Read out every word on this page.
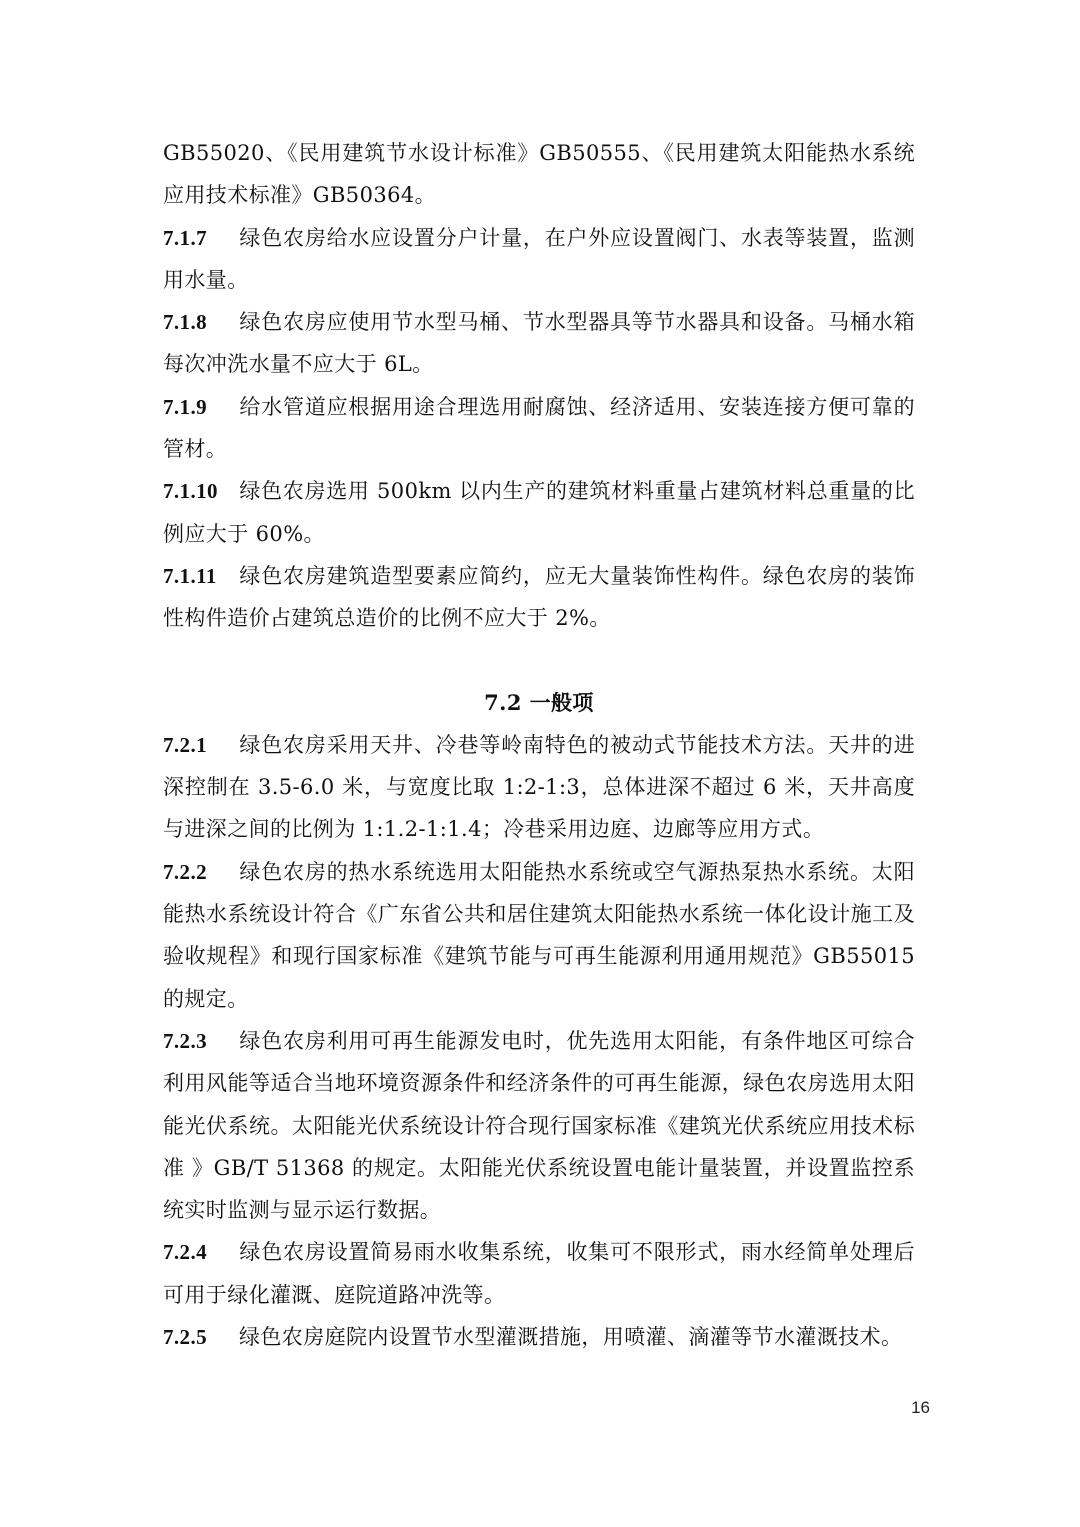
GB55020、《民用建筑节水设计标准》GB50555、《民用建筑太阳能热水系统应用技术标准》GB50364。

7.1.7 绿色农房给水应设置分户计量，在户外应设置阀门、水表等装置，监测用水量。

7.1.8 绿色农房应使用节水型马桶、节水型器具等节水器具和设备。马桶水箱每次冲洗水量不应大于 6L。

7.1.9 给水管道应根据用途合理选用耐腐蚀、经济适用、安装连接方便可靠的管材。

7.1.10 绿色农房选用 500km 以内生产的建筑材料重量占建筑材料总重量的比例应大于 60%。

7.1.11 绿色农房建筑造型要素应简约，应无大量装饰性构件。绿色农房的装饰性构件造价占建筑总造价的比例不应大于 2%。

7.2 一般项

7.2.1 绿色农房采用天井、冷巷等岭南特色的被动式节能技术方法。天井的进深控制在 3.5-6.0 米，与宽度比取 1:2-1:3，总体进深不超过 6 米，天井高度与进深之间的比例为 1:1.2-1:1.4；冷巷采用边庭、边廊等应用方式。

7.2.2 绿色农房的热水系统选用太阳能热水系统或空气源热泵热水系统。太阳能热水系统设计符合《广东省公共和居住建筑太阳能热水系统一体化设计施工及验收规程》和现行国家标准《建筑节能与可再生能源利用通用规范》GB55015 的规定。

7.2.3 绿色农房利用可再生能源发电时，优先选用太阳能，有条件地区可综合利用风能等适合当地环境资源条件和经济条件的可再生能源，绿色农房选用太阳能光伏系统。太阳能光伏系统设计符合现行国家标准《建筑光伏系统应用技术标准 》GB/T 51368 的规定。太阳能光伏系统设置电能计量装置，并设置监控系统实时监测与显示运行数据。

7.2.4 绿色农房设置简易雨水收集系统，收集可不限形式，雨水经简单处理后可用于绿化灌溉、庭院道路冲洗等。

7.2.5 绿色农房庭院内设置节水型灌溉措施，用喷灌、滴灌等节水灌溉技术。

16
